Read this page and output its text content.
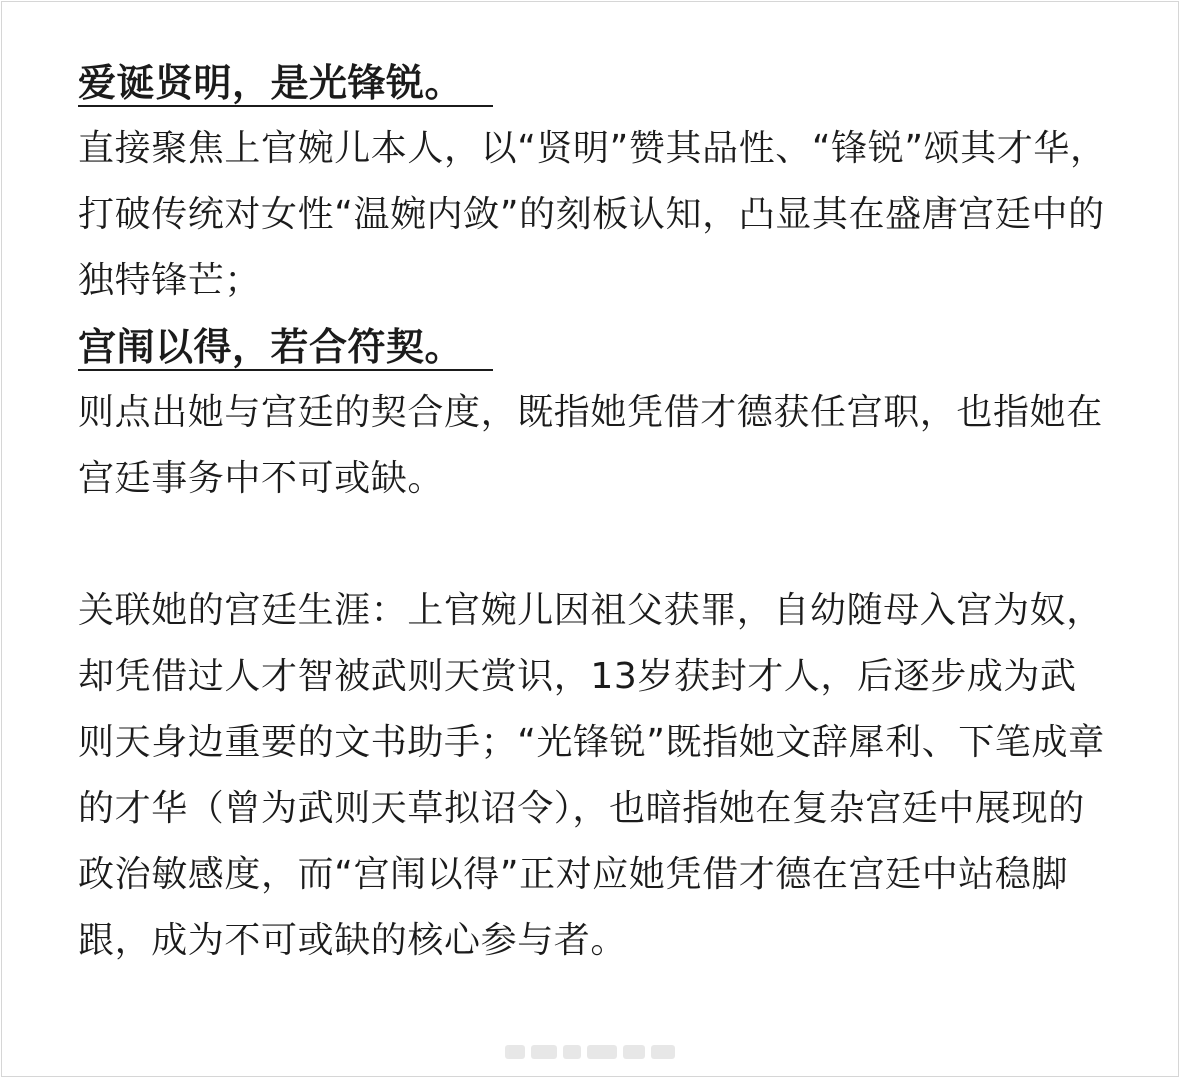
爱诞贤明，是光锋锐。

直接聚焦上官婉儿本人，以“贤明”赞其品性、“锋锐”颂其才华，打破传统对女性“温婉内敛”的刻板认知，凸显其在盛唐宫廷中的独特锋芒；

宫闱以得，若合符契。

则点出她与宫廷的契合度，既指她凭借才德获任宫职，也指她在宫廷事务中不可或缺。

关联她的宫廷生涯：上官婉儿因祖父获罪，自幼随母入宫为奴，却凭借过人才智被武则天赏识，13岁获封才人，后逐步成为武则天身边重要的文书助手；“光锋锐”既指她文辞犀利、下笔成章的才华（曾为武则天草拟诏令），也暗指她在复杂宫廷中展现的政治敏感度，而“宫闱以得”正对应她凭借才德在宫廷中站稳脚跟，成为不可或缺的核心参与者。
